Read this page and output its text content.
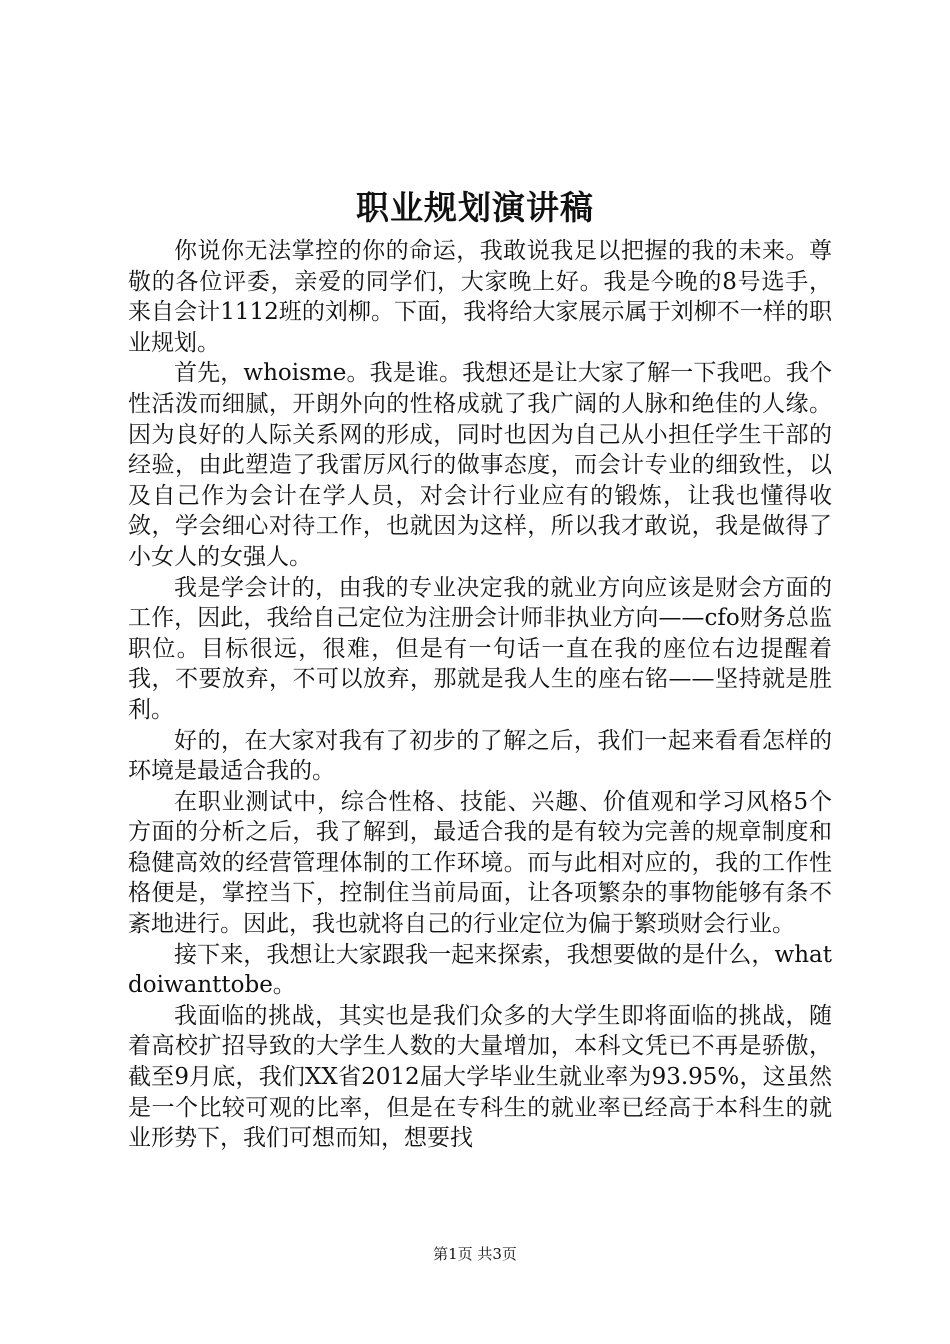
职业规划演讲稿

你说你无法掌控的你的命运，我敢说我足以把握的我的未来。尊敬的各位评委，亲爱的同学们，大家晚上好。我是今晚的8号选手，来自会计1112班的刘柳。下面，我将给大家展示属于刘柳不一样的职业规划。

首先，whoisme。我是谁。我想还是让大家了解一下我吧。我个性活泼而细腻，开朗外向的性格成就了我广阔的人脉和绝佳的人缘。因为良好的人际关系网的形成，同时也因为自己从小担任学生干部的经验，由此塑造了我雷厉风行的做事态度，而会计专业的细致性，以及自己作为会计在学人员，对会计行业应有的锻炼，让我也懂得收敛，学会细心对待工作，也就因为这样，所以我才敢说，我是做得了小女人的女强人。

我是学会计的，由我的专业决定我的就业方向应该是财会方面的工作，因此，我给自己定位为注册会计师非执业方向——cfo财务总监职位。目标很远，很难，但是有一句话一直在我的座位右边提醒着我，不要放弃，不可以放弃，那就是我人生的座右铭——坚持就是胜利。

好的，在大家对我有了初步的了解之后，我们一起来看看怎样的环境是最适合我的。

在职业测试中，综合性格、技能、兴趣、价值观和学习风格5个方面的分析之后，我了解到，最适合我的是有较为完善的规章制度和稳健高效的经营管理体制的工作环境。而与此相对应的，我的工作性格便是，掌控当下，控制住当前局面，让各项繁杂的事物能够有条不紊地进行。因此，我也就将自己的行业定位为偏于繁琐财会行业。

接下来，我想让大家跟我一起来探索，我想要做的是什么，whatdoiwanttobe。

我面临的挑战，其实也是我们众多的大学生即将面临的挑战，随着高校扩招导致的大学生人数的大量增加，本科文凭已不再是骄傲，截至9月底，我们XX省2012届大学毕业生就业率为93.95%，这虽然是一个比较可观的比率，但是在专科生的就业率已经高于本科生的就业形势下，我们可想而知，想要找

第1页 共3页
